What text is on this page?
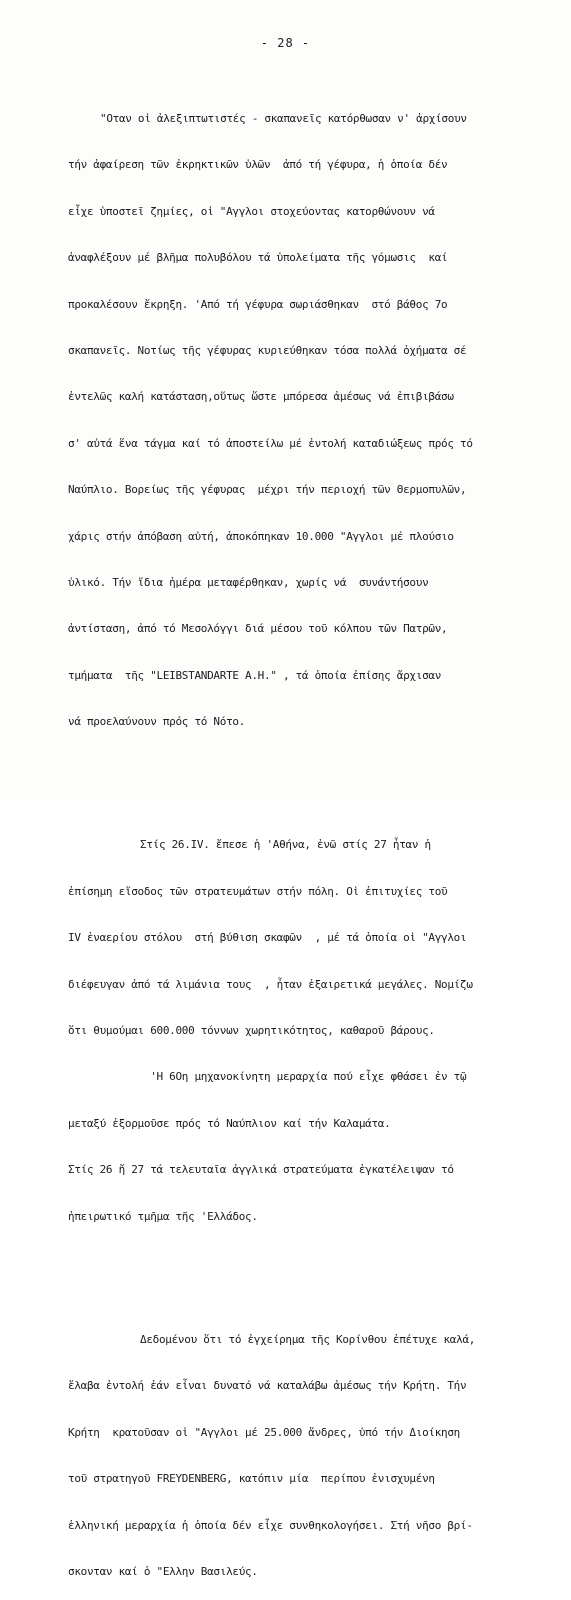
- 28 -

"Οταν οἱ ἀλεξιπτωτιστές - σκαπανεῖς κατόρθωσαν ν' ἀρχίσουν

τήν ἀφαίρεση τῶν ἐκρηκτικῶν ὑλῶν  ἀπό τή γέφυρα, ἡ ὁποία δέν

εἶχε ὑποστεῖ ζημίες, οἱ "Αγγλοι στοχεύοντας κατορθώνουν νά

ἀναφλέξουν μέ βλῆμα πολυβόλου τά ὑπολείματα τῆς γόμωσις  καί

προκαλέσουν ἔκρηξη. 'Από τή γέφυρα σωριάσθηκαν  στό βάθος 7ο

σκαπανεῖς. Νοτίως τῆς γέφυρας κυριεύθηκαν τόσα πολλά ὀχήματα σέ

ἐντελῶς καλή κατάσταση,οὕτως ὥστε μπόρεσα ἀμέσως νά ἐπιβιβάσω

σ' αὐτά ἕνα τάγμα καί τό ἀποστείλω μέ ἐντολή καταδιώξεως πρός τό

Ναύπλιο. Βορείως τῆς γέφυρας  μέχρι τήν περιοχή τῶν Θερμοπυλῶν,

χάρις στήν ἀπόβαση αὐτή, ἀποκόπηκαν 10.000 "Αγγλοι μέ πλούσιο

ὑλικό. Τήν ἴδια ἡμέρα μεταφέρθηκαν, χωρίς νά  συνάντήσουν

ἀντίσταση, ἀπό τό Μεσολόγγι διά μέσου τοῦ κόλπου τῶν Πατρῶν,

τμήματα  τῆς "LEIBSTANDARTE A.H." , τά ὁποία ἐπίσης ἄρχισαν

νά προελαύνουν πρός τό Νότο.

Στίς 26.ΙV. ἔπεσε ἡ 'Αθήνα, ἐνῶ στίς 27 ἦταν ἡ

ἐπίσημη εἴσοδος τῶν στρατευμάτων στήν πόλη. Οἱ ἐπιτυχίες τοῦ

IV ἐναερίου στόλου  στή βύθιση σκαφῶν  , μέ τά ὁποία οἱ "Αγγλοι

διέφευγαν ἀπό τά λιμάνια τους  , ἦταν ἐξαιρετικά μεγάλες. Νομίζω

ὅτι θυμούμαι 600.000 τόννων χωρητικότητος, καθαροῦ βάρους.

'Η 6Οη μηχανοκίνητη μεραρχία πού εἶχε φθάσει ἐν τῷ

μεταξύ ἐξορμοῦσε πρός τό Ναύπλιον καί τήν Καλαμάτα.

Στίς 26 ἤ 27 τά τελευταῖα ἀγγλικά στρατεύματα ἐγκατέλειψαν τό

ἠπειρωτικό τμῆμα τῆς 'Ελλάδος.

Δεδομένου ὅτι τό ἐγχείρημα τῆς Κορίνθου ἐπέτυχε καλά,

ἔλαβα ἐντολή ἐάν εἶναι δυνατό νά καταλάβω ἀμέσως τήν Κρήτη. Τήν

Κρήτη  κρατοῦσαν οἱ "Αγγλοι μέ 25.000 ἄνδρες, ὑπό τήν Διοίκηση

τοῦ στρατηγοῦ FREYDENBERG, κατόπιν μία  περίπου ἐνισχυμένη

ἑλληνική μεραρχία ἡ ὁποία δέν εἶχε συνθηκολογήσει. Στή νῆσο βρί-

σκονταν καί ὁ "Ελλην Βασιλεύς.
